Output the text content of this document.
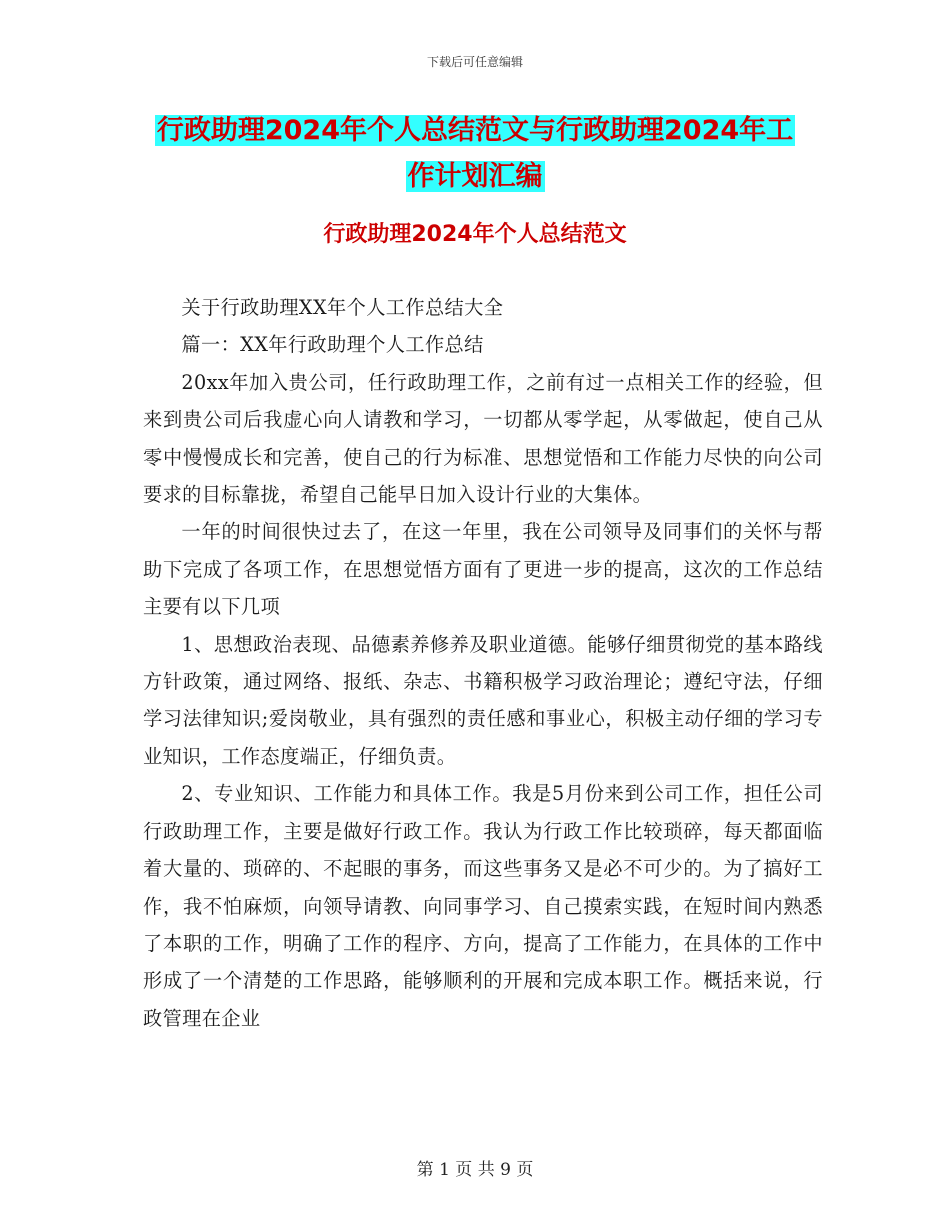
下载后可任意编辑
行政助理2024年个人总结范文与行政助理2024年工
作计划汇编
行政助理2024年个人总结范文

关于行政助理XX年个人工作总结大全

篇一：XX年行政助理个人工作总结

20xx年加入贵公司，任行政助理工作，之前有过一点相关工作的经验，但来到贵公司后我虚心向人请教和学习，一切都从零学起，从零做起，使自己从零中慢慢成长和完善，使自己的行为标准、思想觉悟和工作能力尽快的向公司要求的目标靠拢，希望自己能早日加入设计行业的大集体。

一年的时间很快过去了，在这一年里，我在公司领导及同事们的关怀与帮助下完成了各项工作，在思想觉悟方面有了更进一步的提高，这次的工作总结主要有以下几项

1、思想政治表现、品德素养修养及职业道德。能够仔细贯彻党的基本路线方针政策，通过网络、报纸、杂志、书籍积极学习政治理论；遵纪守法，仔细学习法律知识;爱岗敬业，具有强烈的责任感和事业心，积极主动仔细的学习专业知识，工作态度端正，仔细负责。

2、专业知识、工作能力和具体工作。我是5月份来到公司工作，担任公司行政助理工作，主要是做好行政工作。我认为行政工作比较琐碎，每天都面临着大量的、琐碎的、不起眼的事务，而这些事务又是必不可少的。为了搞好工作，我不怕麻烦，向领导请教、向同事学习、自己摸索实践，在短时间内熟悉了本职的工作，明确了工作的程序、方向，提高了工作能力，在具体的工作中形成了一个清楚的工作思路，能够顺利的开展和完成本职工作。概括来说，行政管理在企业

第 1 页 共 9 页
